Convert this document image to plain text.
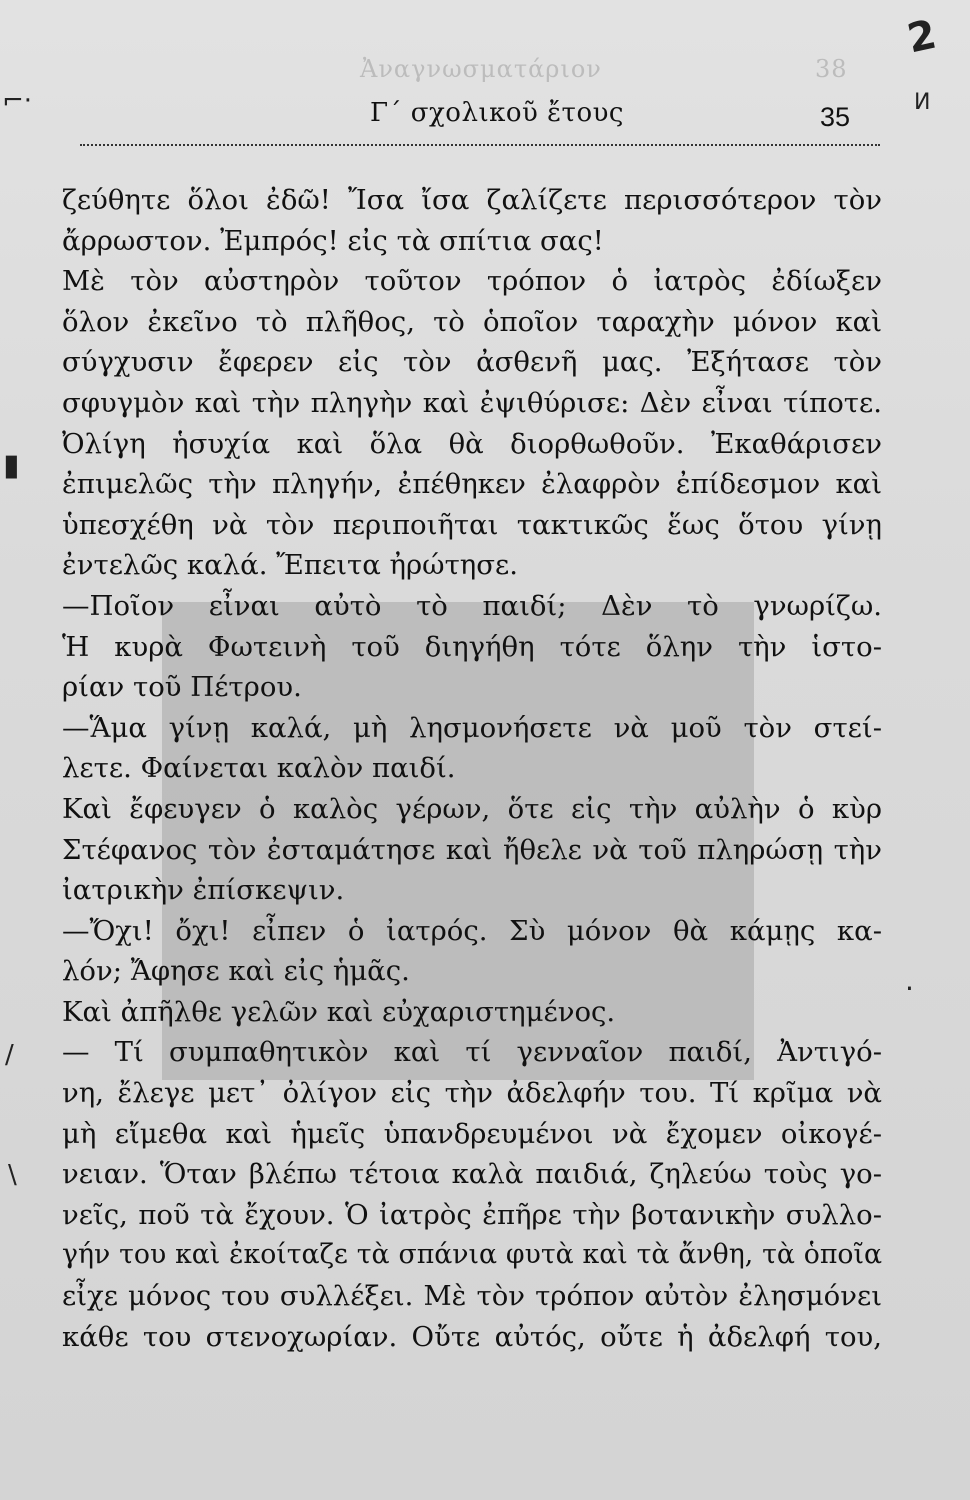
Ἀναγνωσματάριον	38
Γ΄ σχολικοῦ ἔτους	35
ζεύθητε ὅλοι ἐδῶ! Ἴσα ἴσα ζαλίζετε περισσότερον τὸν
ἄρρωστον. Ἐμπρός! εἰς τὰ σπίτια σας!
Μὲ τὸν αὐστηρὸν τοῦτον τρόπον ὁ ἰατρὸς ἐδίωξεν
ὅλον ἐκεῖνο τὸ πλῆθος, τὸ ὁποῖον ταραχὴν μόνον καὶ
σύγχυσιν ἔφερεν εἰς τὸν ἀσθενῆ μας. Ἐξήτασε τὸν
σφυγμὸν καὶ τὴν πληγὴν καὶ ἐψιθύρισε: Δὲν εἶναι τίποτε.
Ὀλίγη ἡσυχία καὶ ὅλα θὰ διορθωθοῦν. Ἐκαθάρισεν
ἐπιμελῶς τὴν πληγήν, ἐπέθηκεν ἐλαφρὸν ἐπίδεσμον καὶ
ὑπεσχέθη νὰ τὸν περιποιῆται τακτικῶς ἕως ὅτου γίνῃ
ἐντελῶς καλά. Ἔπειτα ἠρώτησε.
—Ποῖον εἶναι αὐτὸ τὸ παιδί; Δὲν τὸ γνωρίζω.
Ἡ κυρὰ Φωτεινὴ τοῦ διηγήθη τότε ὅλην τὴν ἱστο-
ρίαν τοῦ Πέτρου.
—Ἅμα γίνῃ καλά, μὴ λησμονήσετε νὰ μοῦ τὸν στεί-
λετε. Φαίνεται καλὸν παιδί.
Καὶ ἔφευγεν ὁ καλὸς γέρων, ὅτε εἰς τὴν αὐλὴν ὁ κὺρ
Στέφανος τὸν ἐσταμάτησε καὶ ἤθελε νὰ τοῦ πληρώσῃ τὴν
ἰατρικὴν ἐπίσκεψιν.
—Ὄχι! ὄχι! εἶπεν ὁ ἰατρός. Σὺ μόνον θὰ κάμῃς κα-
λόν; Ἄφησε καὶ εἰς ἡμᾶς.
Καὶ ἀπῆλθε γελῶν καὶ εὐχαριστημένος.
— Τί συμπαθητικὸν καὶ τί γενναῖον παιδί, Ἀντιγό-
νη, ἔλεγε μετ᾽ ὀλίγον εἰς τὴν ἀδελφήν του. Τί κρῖμα νὰ
μὴ εἴμεθα καὶ ἡμεῖς ὑπανδρευμένοι νὰ ἔχομεν οἰκογέ-
νειαν. Ὅταν βλέπω τέτοια καλὰ παιδιά, ζηλεύω τοὺς γο-
νεῖς, ποῦ τὰ ἔχουν. Ὁ ἰατρὸς ἐπῆρε τὴν βοτανικὴν συλλο-
γήν του καὶ ἐκοίταζε τὰ σπάνια φυτὰ καὶ τὰ ἄνθη, τὰ ὁποῖα
εἶχε μόνος του συλλέξει. Μὲ τὸν τρόπον αὐτὸν ἐλησμόνει
κάθε του στενοχωρίαν. Οὔτε αὐτός, οὔτε ἡ ἀδελφή του,
2
И
⌐·
▮
/
\
·
